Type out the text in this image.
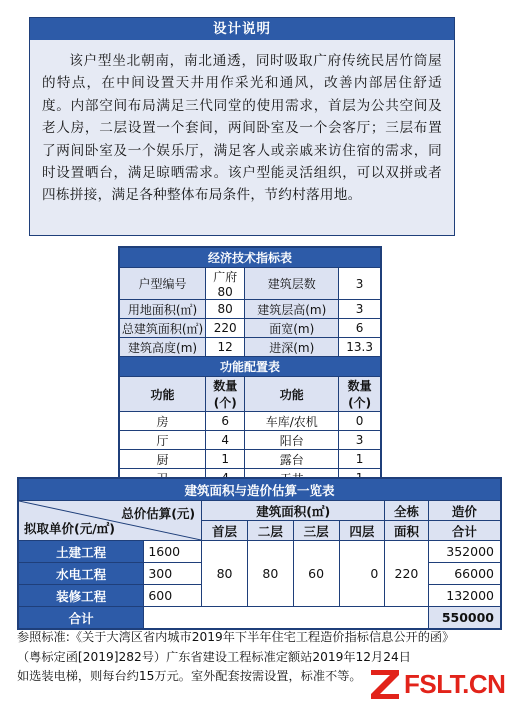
设计说明
该户型坐北朝南，南北通透，同时吸取广府传统民居竹筒屋的特点，在中间设置天井用作采光和通风，改善内部居住舒适度。内部空间布局满足三代同堂的使用需求，首层为公共空间及老人房，二层设置一个套间，两间卧室及一个会客厅；三层布置了两间卧室及一个娱乐厅，满足客人或亲戚来访住宿的需求，同时设置晒台，满足晾晒需求。该户型能灵活组织，可以双拼或者四栋拼接，满足各种整体布局条件，节约村落用地。
经济技术指标表			
户型编号	广府80	建筑层数	3
用地面积(㎡)	80	建筑层高(m)	3
总建筑面积(㎡)	220	面宽(m)	6
建筑高度(m)	12	进深(m)	13.3
功能配置表			
功能	数量(个)	功能	数量(个)
房	6	车库/农机	0
厅	4	阳台	3
厨	1	露台	1

建筑面积与造价估算一览表							

总价估算(元)
拟取单价(元/㎡)		建筑面积(㎡)				全栋	造价
		首层	二层	三层	四层	面积	合计
土建工程	1600	80	80	60	0	220	352000
水电工程	300						66000
装修工程	600						132000
合计							550000
参照标准:《关于大湾区省内城市2019年下半年住宅工程造价指标信息公开的函》
（粤标定函[2019]282号）广东省建设工程标准定额站2019年12月24日
如选装电梯，则每台约15万元。室外配套按需设置，标准不等。	FSLT.CN
